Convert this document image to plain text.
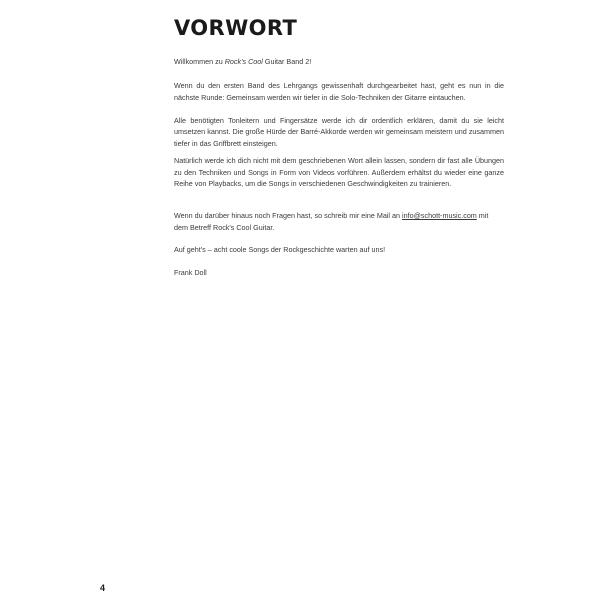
VORWORT

Willkommen zu Rock's Cool Guitar Band 2!

Wenn du den ersten Band des Lehrgangs gewissenhaft durchgearbeitet hast, geht es nun in die nächste Runde: Gemeinsam werden wir tiefer in die Solo-Techniken der Gitarre eintauchen.

Alle benötigten Tonleitern und Fingersätze werde ich dir ordentlich erklären, damit du sie leicht umsetzen kannst. Die große Hürde der Barré-Akkorde werden wir gemeinsam meistern und zusammen tiefer in das Griffbrett einsteigen.

Natürlich werde ich dich nicht mit dem geschriebenen Wort allein lassen, sondern dir fast alle Übungen zu den Techniken und Songs in Form von Videos vorführen. Außerdem erhältst du wieder eine ganze Reihe von Playbacks, um die Songs in verschiedenen Geschwindigkeiten zu trainieren.

Wenn du darüber hinaus noch Fragen hast, so schreib mir eine Mail an info@schott-music.com mit dem Betreff Rock's Cool Guitar.

Auf geht's – acht coole Songs der Rockgeschichte warten auf uns!

Frank Doll

4
